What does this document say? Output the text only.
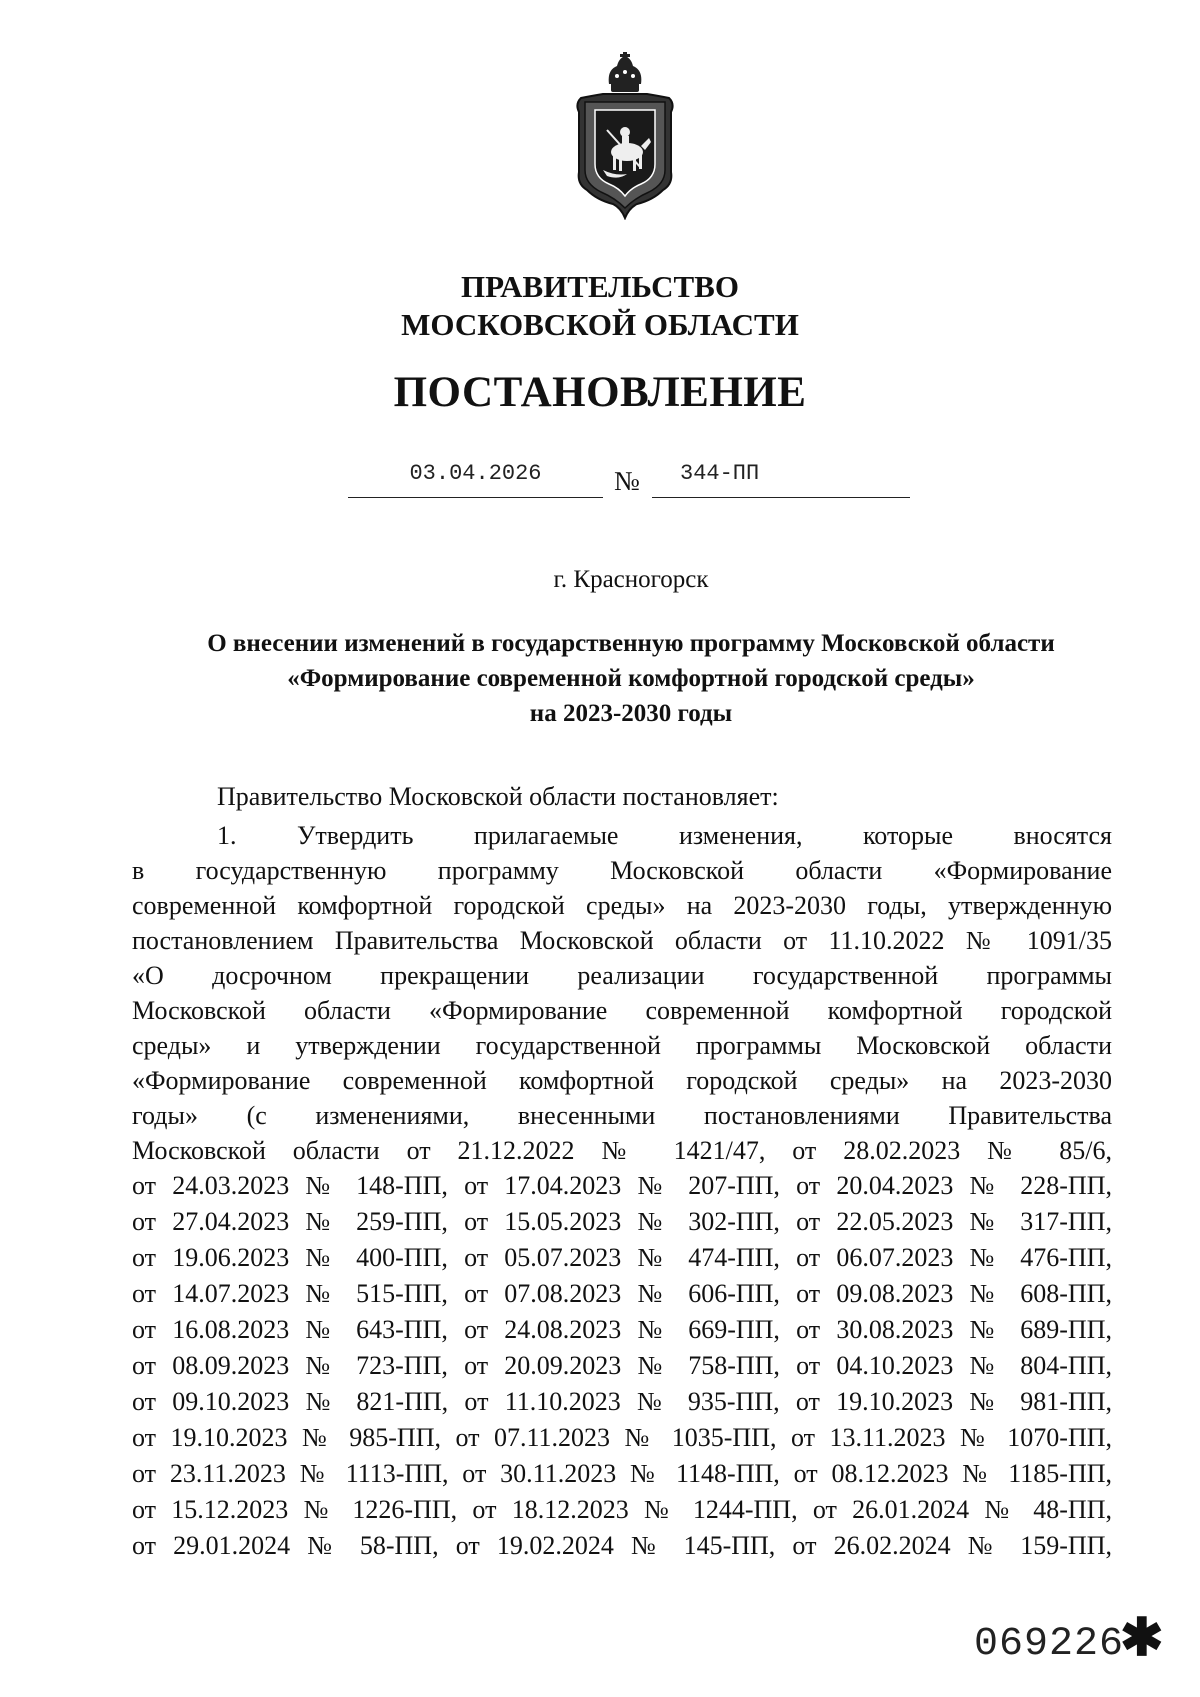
ПРАВИТЕЛЬСТВО
МОСКОВСКОЙ ОБЛАСТИ
ПОСТАНОВЛЕНИЕ
03.04.2026	№	344-ПП
г. Красногорск
О внесении изменений в государственную программу Московской области
«Формирование современной комфортной городской среды»
на 2023-2030 годы
Правительство Московской области постановляет:
1. Утвердить прилагаемые изменения, которые вносятся
в государственную программу Московской области «Формирование
современной комфортной городской среды» на 2023-2030 годы, утвержденную
постановлением Правительства Московской области от 11.10.2022 № 1091/35
«О досрочном прекращении реализации государственной программы
Московской области «Формирование современной комфортной городской
среды» и утверждении государственной программы Московской области
«Формирование современной комфортной городской среды» на 2023-2030
годы» (с изменениями, внесенными постановлениями Правительства
Московской области от 21.12.2022 № 1421/47, от 28.02.2023 № 85/6,
от 24.03.2023 № 148-ПП, от 17.04.2023 № 207-ПП, от 20.04.2023 № 228-ПП,
от 27.04.2023 № 259-ПП, от 15.05.2023 № 302-ПП, от 22.05.2023 № 317-ПП,
от 19.06.2023 № 400-ПП, от 05.07.2023 № 474-ПП, от 06.07.2023 № 476-ПП,
от 14.07.2023 № 515-ПП, от 07.08.2023 № 606-ПП, от 09.08.2023 № 608-ПП,
от 16.08.2023 № 643-ПП, от 24.08.2023 № 669-ПП, от 30.08.2023 № 689-ПП,
от 08.09.2023 № 723-ПП, от 20.09.2023 № 758-ПП, от 04.10.2023 № 804-ПП,
от 09.10.2023 № 821-ПП, от 11.10.2023 № 935-ПП, от 19.10.2023 № 981-ПП,
от 19.10.2023 № 985-ПП, от 07.11.2023 № 1035-ПП, от 13.11.2023 № 1070-ПП,
от 23.11.2023 № 1113-ПП, от 30.11.2023 № 1148-ПП, от 08.12.2023 № 1185-ПП,
от 15.12.2023 № 1226-ПП, от 18.12.2023 № 1244-ПП, от 26.01.2024 № 48-ПП,
от 29.01.2024 № 58-ПП, от 19.02.2024 № 145-ПП, от 26.02.2024 № 159-ПП,
069226
✱
